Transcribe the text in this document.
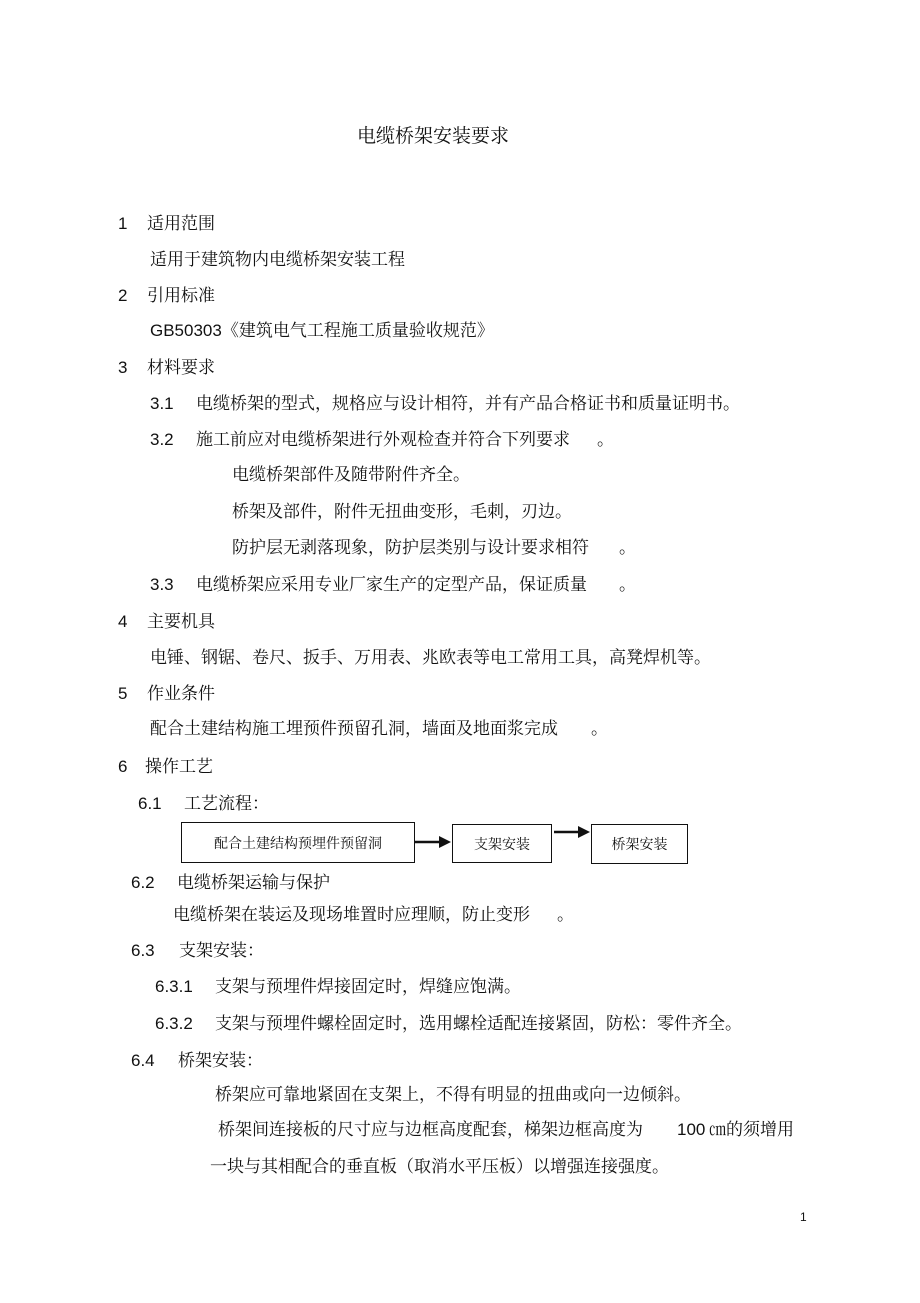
电缆桥架安装要求
1 适用范围
适用于建筑物内电缆桥架安装工程
2 引用标准
GB50303《建筑电气工程施工质量验收规范》
3 材料要求
3.1 电缆桥架的型式，规格应与设计相符，并有产品合格证书和质量证明书。
3.2 施工前应对电缆桥架进行外观检查并符合下列要求 。
电缆桥架部件及随带附件齐全。
桥架及部件，附件无扭曲变形，毛刺，刃边。
防护层无剥落现象，防护层类别与设计要求相符 。
3.3 电缆桥架应采用专业厂家生产的定型产品，保证质量 。
4 主要机具
电锤、钢锯、卷尺、扳手、万用表、兆欧表等电工常用工具，高凳焊机等。
5 作业条件
配合土建结构施工埋预件预留孔洞，墙面及地面浆完成 。
6 操作工艺
6.1 工艺流程：
配合土建结构预埋件预留洞	支架安装	桥架安装
6.2 电缆桥架运输与保护
电缆桥架在装运及现场堆置时应理顺，防止变形 。
6.3 支架安装：
6.3.1 支架与预埋件焊接固定时，焊缝应饱满。
6.3.2 支架与预埋件螺栓固定时，选用螺栓适配连接紧固，防松：零件齐全。
6.4 桥架安装：
桥架应可靠地紧固在支架上，不得有明显的扭曲或向一边倾斜。
桥架间连接板的尺寸应与边框高度配套，梯架边框高度为 100 ㎝的须增用
一块与其相配合的垂直板（取消水平压板）以增强连接强度。
1
